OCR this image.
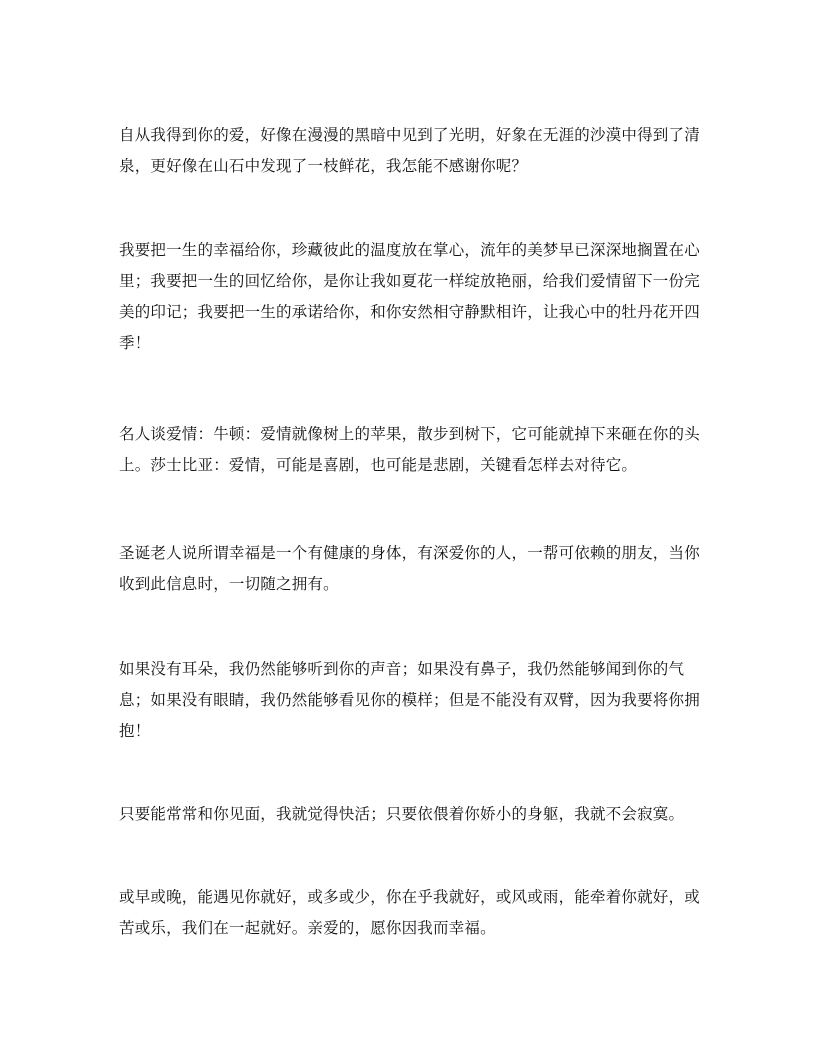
自从我得到你的爱，好像在漫漫的黑暗中见到了光明，好象在无涯的沙漠中得到了清泉，更好像在山石中发现了一枝鲜花，我怎能不感谢你呢？

我要把一生的幸福给你，珍藏彼此的温度放在掌心，流年的美梦早已深深地搁置在心里；我要把一生的回忆给你，是你让我如夏花一样绽放艳丽，给我们爱情留下一份完美的印记；我要把一生的承诺给你，和你安然相守静默相许，让我心中的牡丹花开四季！

名人谈爱情：牛顿：爱情就像树上的苹果，散步到树下，它可能就掉下来砸在你的头上。莎士比亚：爱情，可能是喜剧，也可能是悲剧，关键看怎样去对待它。

圣诞老人说所谓幸福是一个有健康的身体，有深爱你的人，一帮可依赖的朋友，当你收到此信息时，一切随之拥有。

如果没有耳朵，我仍然能够听到你的声音；如果没有鼻子，我仍然能够闻到你的气息；如果没有眼睛，我仍然能够看见你的模样；但是不能没有双臂，因为我要将你拥抱！

只要能常常和你见面，我就觉得快活；只要依偎着你娇小的身躯，我就不会寂寞。

或早或晚，能遇见你就好，或多或少，你在乎我就好，或风或雨，能牵着你就好，或苦或乐，我们在一起就好。亲爱的，愿你因我而幸福。
